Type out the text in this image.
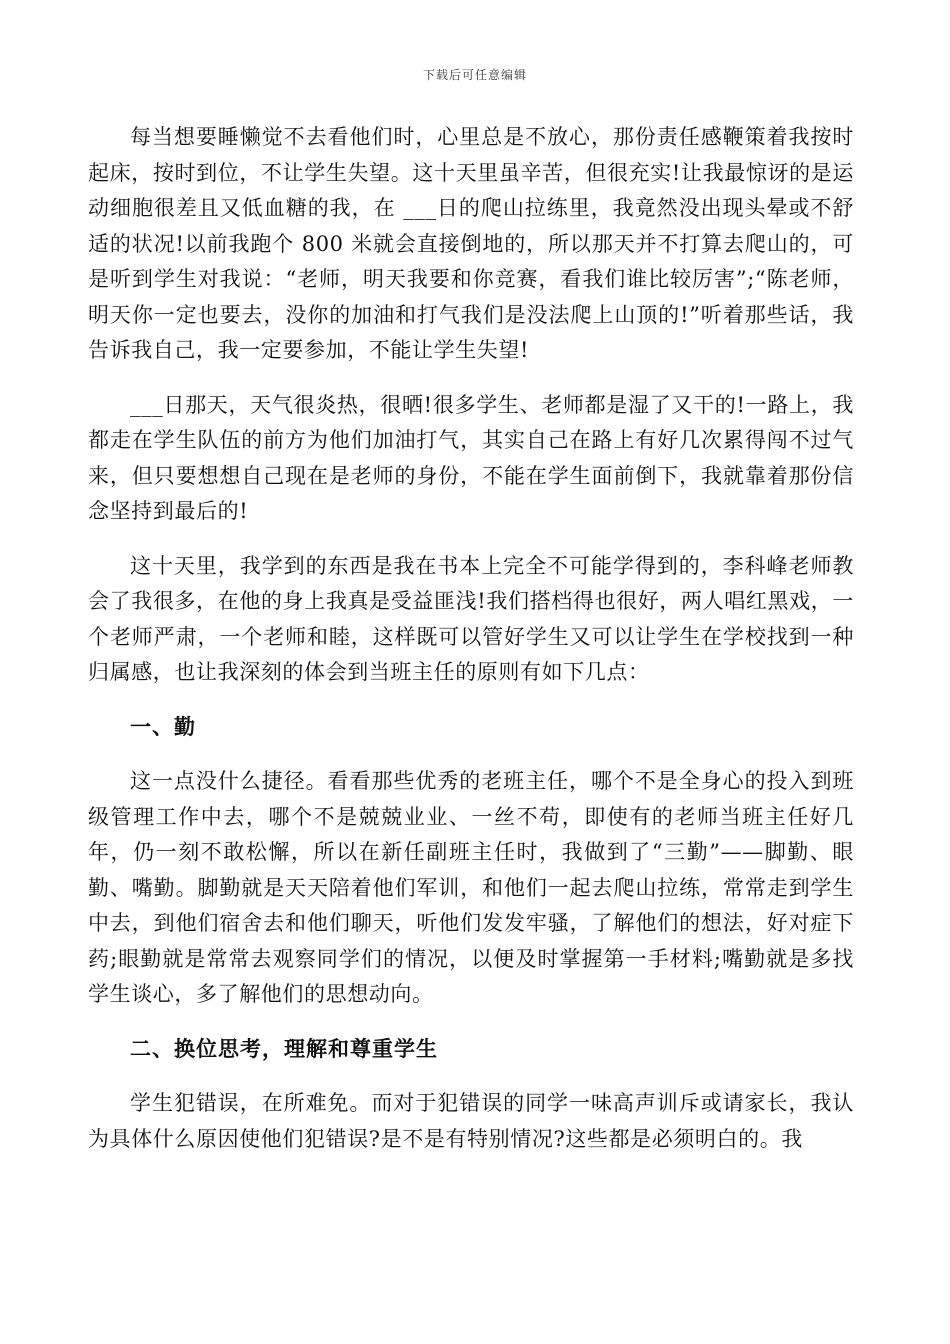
下载后可任意编辑

每当想要睡懒觉不去看他们时，心里总是不放心，那份责任感鞭策着我按时起床，按时到位，不让学生失望。这十天里虽辛苦，但很充实!让我最惊讶的是运动细胞很差且又低血糖的我，在 ___日的爬山拉练里，我竟然没出现头晕或不舒适的状况!以前我跑个 800 米就会直接倒地的，所以那天并不打算去爬山的，可是听到学生对我说：“老师，明天我要和你竞赛，看我们谁比较厉害”;“陈老师，明天你一定也要去，没你的加油和打气我们是没法爬上山顶的!”听着那些话，我告诉我自己，我一定要参加，不能让学生失望!

___日那天，天气很炎热，很晒!很多学生、老师都是湿了又干的!一路上，我都走在学生队伍的前方为他们加油打气，其实自己在路上有好几次累得闯不过气来，但只要想想自己现在是老师的身份，不能在学生面前倒下，我就靠着那份信念坚持到最后的!

这十天里，我学到的东西是我在书本上完全不可能学得到的，李科峰老师教会了我很多，在他的身上我真是受益匪浅!我们搭档得也很好，两人唱红黑戏，一个老师严肃，一个老师和睦，这样既可以管好学生又可以让学生在学校找到一种归属感，也让我深刻的体会到当班主任的原则有如下几点：

一、勤

这一点没什么捷径。看看那些优秀的老班主任，哪个不是全身心的投入到班级管理工作中去，哪个不是兢兢业业、一丝不苟，即使有的老师当班主任好几年，仍一刻不敢松懈，所以在新任副班主任时，我做到了“三勤”——脚勤、眼勤、嘴勤。脚勤就是天天陪着他们军训，和他们一起去爬山拉练，常常走到学生中去，到他们宿舍去和他们聊天，听他们发发牢骚，了解他们的想法，好对症下药;眼勤就是常常去观察同学们的情况，以便及时掌握第一手材料;嘴勤就是多找学生谈心，多了解他们的思想动向。

二、换位思考，理解和尊重学生

学生犯错误，在所难免。而对于犯错误的同学一味高声训斥或请家长，我认为具体什么原因使他们犯错误?是不是有特别情况?这些都是必须明白的。我
